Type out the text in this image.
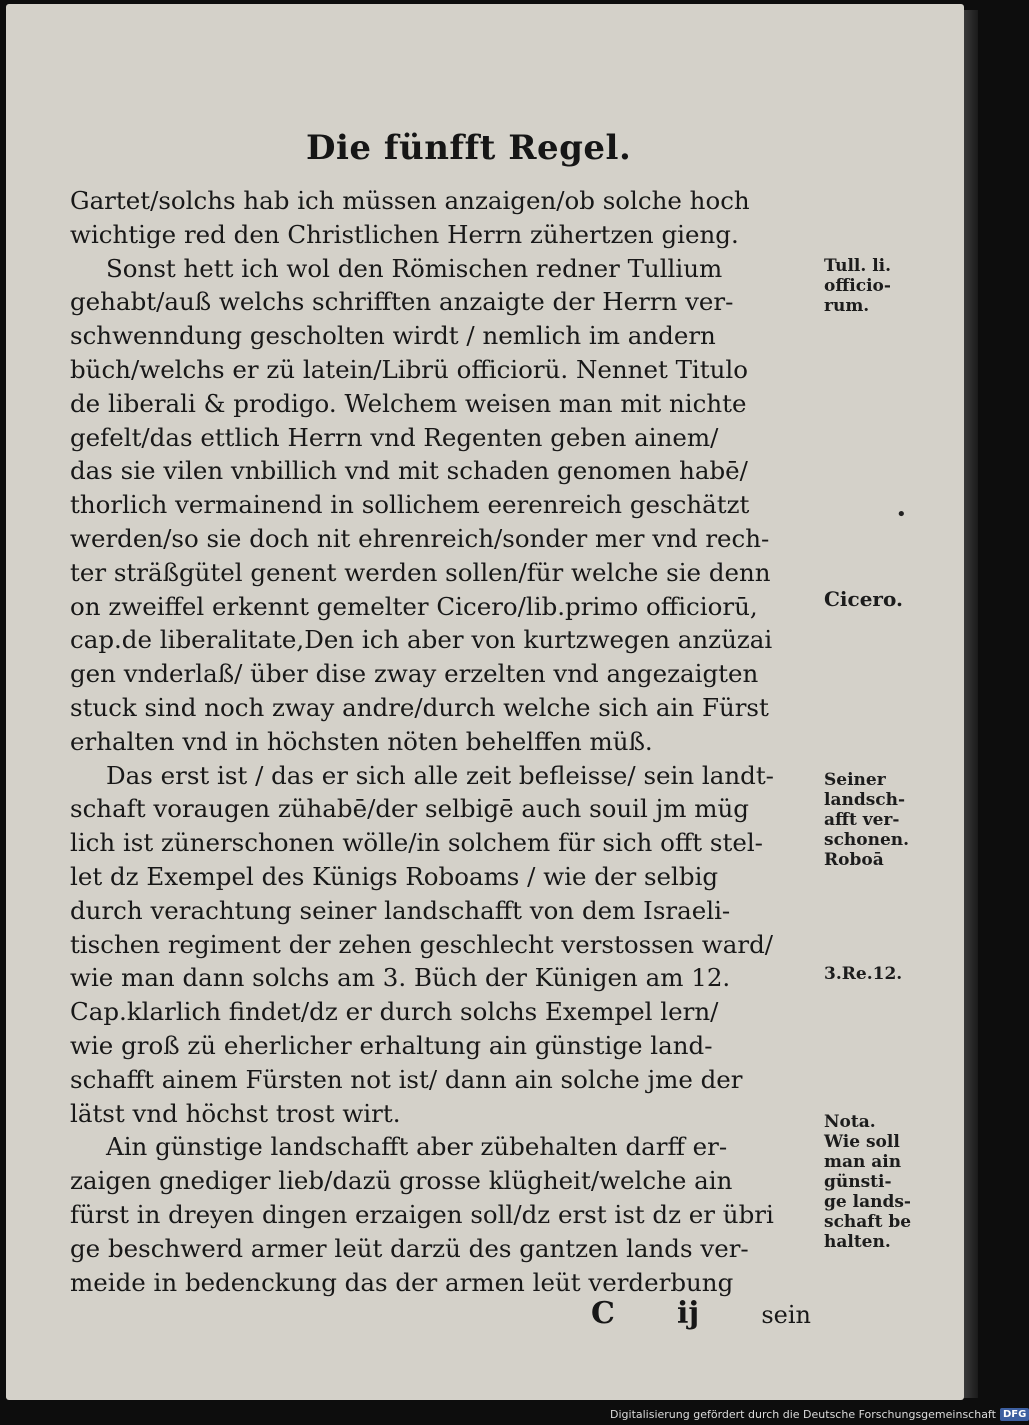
Die fünfft Regel.
Gartet/solchs hab ich müssen anzaigen/ob solche hoch
wichtige red den Christlichen Herrn zühertzen gieng.
Sonst hett ich wol den Römischen redner Tullium
gehabt/auß welchs schrifften anzaigte der Herrn ver-
schwenndung gescholten wirdt / nemlich im andern
büch/welchs er zü latein/Librü officiorü. Nennet Titulo
de liberali & prodigo. Welchem weisen man mit nichte
gefelt/das ettlich Herrn vnd Regenten geben ainem/
das sie vilen vnbillich vnd mit schaden genomen habē/
thorlich vermainend in sollichem eerenreich geschätzt
werden/so sie doch nit ehrenreich/sonder mer vnd rech-
ter sträßgütel genent werden sollen/für welche sie denn
on zweiffel erkennt gemelter Cicero/lib.primo officiorū,
cap.de liberalitate,Den ich aber von kurtzwegen anzüzai
gen vnderlaß/ über dise zway erzelten vnd angezaigten
stuck sind noch zway andre/durch welche sich ain Fürst
erhalten vnd in höchsten nöten behelffen müß.
Das erst ist / das er sich alle zeit befleisse/ sein landt-
schaft voraugen zühabē/der selbigē auch souil jm müg
lich ist zünerschonen wölle/in solchem für sich offt stel-
let dz Exempel des Künigs Roboams / wie der selbig
durch verachtung seiner landschafft von dem Israeli-
tischen regiment der zehen geschlecht verstossen ward/
wie man dann solchs am 3. Büch der Künigen am 12.
Cap.klarlich findet/dz er durch solchs Exempel lern/
wie groß zü eherlicher erhaltung ain günstige land-
schafft ainem Fürsten not ist/ dann ain solche jme der
lätst vnd höchst trost wirt.
Ain günstige landschafft aber zübehalten darff er-
zaigen gnediger lieb/dazü grosse klügheit/welche ain
fürst in dreyen dingen erzaigen soll/dz erst ist dz er übri
ge beschwerd armer leüt darzü des gantzen lands ver-
meide in bedenckung das der armen leüt verderbung
Tull. li.
officio-
rum.
Cicero.
Seiner
landsch-
afft ver-
schonen.
Roboā
3.Re.12.
Nota.
Wie soll
man ain
günsti-
ge lands-
schaft be
halten.
•
C ij	sein
Digitalisierung gefördert durch die Deutsche Forschungsgemeinschaft DFG
